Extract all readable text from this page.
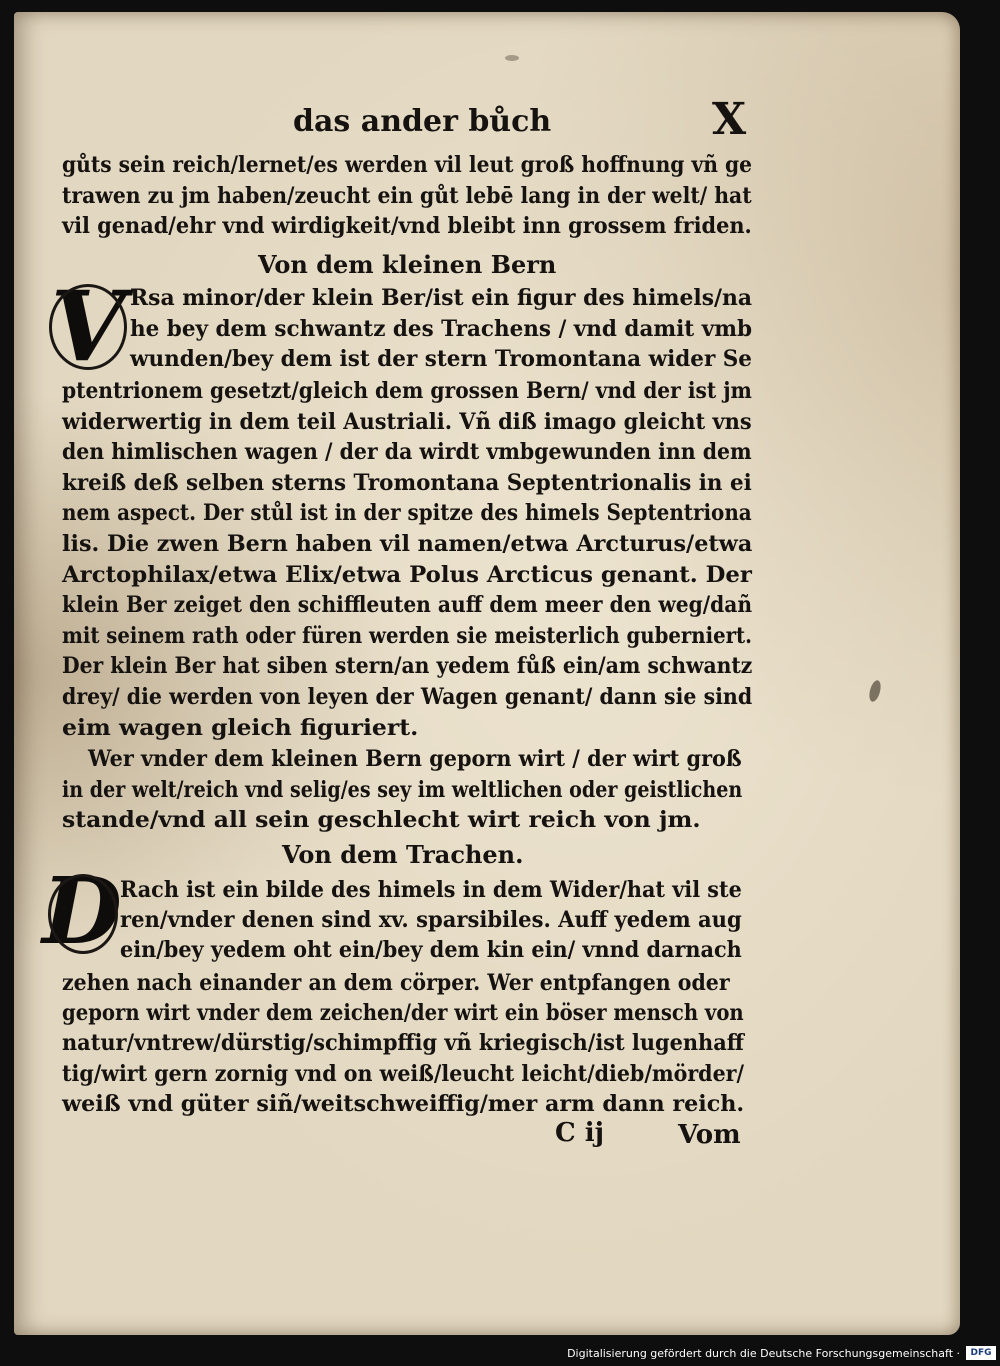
das ander bůch	X
gůts sein reich/lernet/es werden vil leut groß hoffnung vñ ge
trawen zu jm haben/zeucht ein gůt lebē lang in der welt/ hat
vil genad/ehr vnd wirdigkeit/vnd bleibt inn grossem friden.
Von dem kleinen Bern
V Rsa minor/der klein Ber/ist ein figur des himels/na
he bey dem schwantz des Trachens / vnd damit vmb
wunden/bey dem ist der stern Tromontana wider Se
ptentrionem gesetzt/gleich dem grossen Bern/ vnd der ist jm
widerwertig in dem teil Austriali. Vñ diß imago gleicht vns
den himlischen wagen / der da wirdt vmbgewunden inn dem
kreiß deß selben sterns Tromontana Septentrionalis in ei
nem aspect. Der stůl ist in der spitze des himels Septentriona
lis. Die zwen Bern haben vil namen/etwa Arcturus/etwa
Arctophilax/etwa Elix/etwa Polus Arcticus genant. Der
klein Ber zeiget den schiffleuten auff dem meer den weg/dañ
mit seinem rath oder füren werden sie meisterlich guberniert.
Der klein Ber hat siben stern/an yedem fůß ein/am schwantz
drey/ die werden von leyen der Wagen genant/ dann sie sind
eim wagen gleich figuriert.
Wer vnder dem kleinen Bern geporn wirt / der wirt groß
in der welt/reich vnd selig/es sey im weltlichen oder geistlichen
stande/vnd all sein geschlecht wirt reich von jm.
Von dem Trachen.
D
Rach ist ein bilde des himels in dem Wider/hat vil ste
ren/vnder denen sind xv. sparsibiles. Auff yedem aug
ein/bey yedem oht ein/bey dem kin ein/ vnnd darnach
zehen nach einander an dem cörper. Wer entpfangen oder
geporn wirt vnder dem zeichen/der wirt ein böser mensch von
natur/vntrew/dürstig/schimpffig vñ kriegisch/ist lugenhaff
tig/wirt gern zornig vnd on weiß/leucht leicht/dieb/mörder/
weiß vnd güter siñ/weitschweiffig/mer arm dann reich.
C ij	Vom
Digitalisierung gefördert durch die Deutsche Forschungsgemeinschaft · DFG
